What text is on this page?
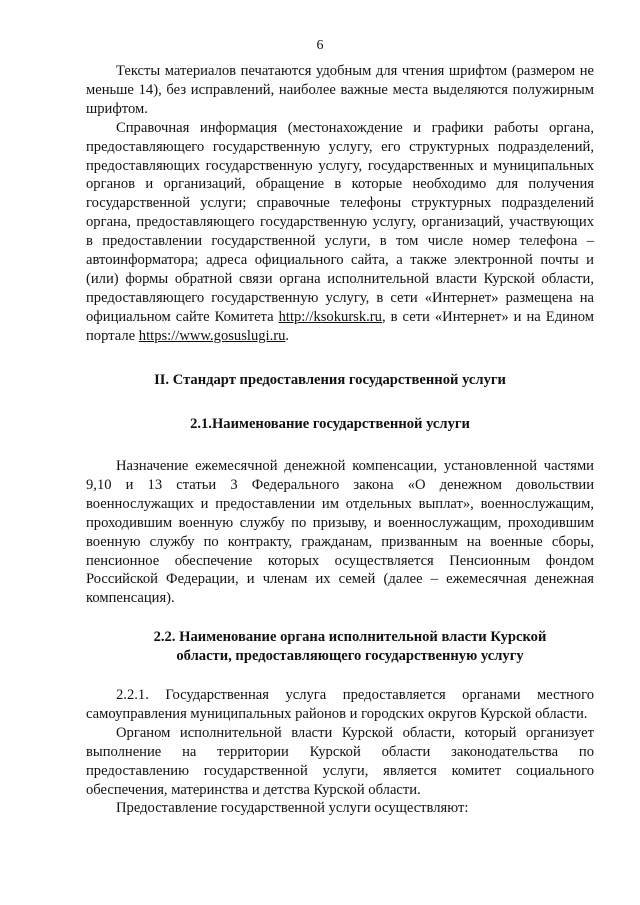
6

Тексты материалов печатаются удобным для чтения шрифтом (размером не меньше 14), без исправлений, наиболее важные места выделяются полужирным шрифтом.

Справочная информация (местонахождение и графики работы органа, предоставляющего государственную услугу, его структурных подразделений, предоставляющих государственную услугу, государственных и муниципальных органов и организаций, обращение в которые необходимо для получения государственной услуги; справочные телефоны структурных подразделений органа, предоставляющего государственную услугу, организаций, участвующих в предоставлении государственной услуги, в том числе номер телефона – автоинформатора; адреса официального сайта, а также электронной почты и (или) формы обратной связи органа исполнительной власти Курской области, предоставляющего государственную услугу, в сети «Интернет» размещена на официальном сайте Комитета http://ksokursk.ru, в сети «Интернет» и на Едином портале https://www.gosuslugi.ru.

II. Стандарт предоставления государственной услуги
2.1.Наименование государственной услуги

Назначение ежемесячной денежной компенсации, установленной частями 9,10 и 13 статьи 3 Федерального закона «О денежном довольствии военнослужащих и предоставлении им отдельных выплат», военнослужащим, проходившим военную службу по призыву, и военнослужащим, проходившим военную службу по контракту, гражданам, призванным на военные сборы, пенсионное обеспечение которых осуществляется Пенсионным фондом Российской Федерации, и членам их семей (далее – ежемесячная денежная компенсация).

2.2. Наименование органа исполнительной власти Курской
области, предоставляющего государственную услугу

2.2.1. Государственная услуга предоставляется органами местного самоуправления муниципальных районов и городских округов Курской области.

Органом исполнительной власти Курской области, который организует выполнение на территории Курской области законодательства по предоставлению государственной услуги, является комитет социального обеспечения, материнства и детства Курской области.

Предоставление государственной услуги осуществляют:
